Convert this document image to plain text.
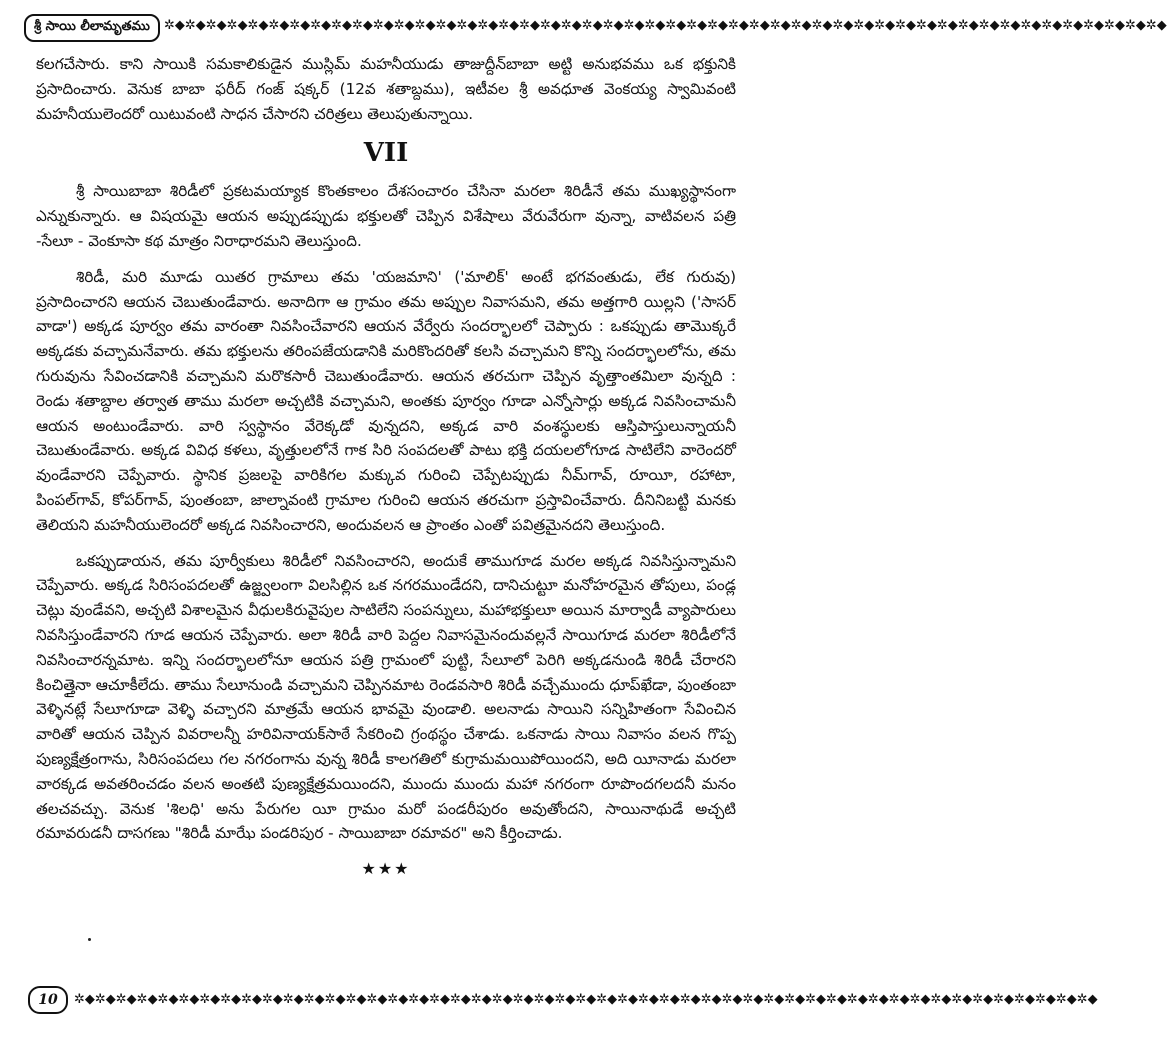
శ్రీ సాయి లీలామృతము	✲◆✲◆✲◆✲◆✲◆✲◆✲◆✲◆✲◆✲◆✲◆✲◆✲◆✲◆✲◆✲◆✲◆✲◆✲◆✲◆✲◆✲◆✲◆✲◆✲◆✲◆✲◆✲◆✲◆✲◆✲◆✲◆✲◆✲◆✲◆✲◆✲◆✲◆✲◆✲◆✲◆✲◆✲◆✲◆✲◆✲◆✲◆✲◆

కలగచేసారు. కాని సాయికి సమకాలికుడైన ముస్లిమ్ మహనీయుడు తాజుద్దీన్‌బాబా అట్టి అనుభవము ఒక భక్తునికి ప్రసాదించారు. వెనుక బాబా ఫరీద్ గంజ్ షక్కర్ (12వ శతాబ్దము), ఇటీవల శ్రీ అవధూత వెంకయ్య స్వామివంటి మహనీయులెందరో యిటువంటి సాధన చేసారని చరిత్రలు తెలుపుతున్నాయి.

VII

శ్రీ సాయిబాబా శిరిడీలో ప్రకటమయ్యాక కొంతకాలం దేశసంచారం చేసినా మరలా శిరిడీనే తమ ముఖ్యస్థానంగా ఎన్నుకున్నారు. ఆ విషయమై ఆయన అప్పుడప్పుడు భక్తులతో చెప్పిన విశేషాలు వేరువేరుగా వున్నా, వాటివలన పత్రి -సేలూ - వెంకూసా కథ మాత్రం నిరాధారమని తెలుస్తుంది.

శిరిడీ, మరి మూడు యితర గ్రామాలు తమ 'యజమాని' ('మాలిక్' అంటే భగవంతుడు, లేక గురువు) ప్రసాదించారని ఆయన చెబుతుండేవారు. అనాదిగా ఆ గ్రామం తమ అప్పుల నివాసమని, తమ అత్తగారి యిల్లని ('సాసర్ వాడా') అక్కడ పూర్వం తమ వారంతా నివసించేవారని ఆయన వేర్వేరు సందర్భాలలో చెప్పారు : ఒకప్పుడు తామొక్కరే అక్కడకు వచ్చామనేవారు. తమ భక్తులను తరింపజేయడానికి మరికొందరితో కలసి వచ్చామని కొన్ని సందర్భాలలోను, తమ గురువును సేవించడానికి వచ్చామని మరొకసారీ చెబుతుండేవారు. ఆయన తరచుగా చెప్పిన వృత్తాంతమిలా వున్నది : రెండు శతాబ్దాల తర్వాత తాము మరలా అచ్చటికి వచ్చామని, అంతకు పూర్వం గూడా ఎన్నోసార్లు అక్కడ నివసించామనీ ఆయన అంటుండేవారు. వారి స్వస్థానం వేరెక్కడో వున్నదని, అక్కడ వారి వంశస్థులకు ఆస్తిపాస్తులున్నాయనీ చెబుతుండేవారు. అక్కడ వివిధ కళలు, వృత్తులలోనే గాక సిరి సంపదలతో పాటు భక్తి దయలలోగూడ సాటిలేని వారెందరో వుండేవారని చెప్పేవారు. స్థానిక ప్రజలపై వారికిగల మక్కువ గురించి చెప్పేటప్పుడు నీమ్‌గావ్, రూయీ, రహాటా, పింపల్‌గావ్, కోపర్‌గావ్, పుంతంబా, జాల్నావంటి గ్రామాల గురించి ఆయన తరచుగా ప్రస్తావించేవారు. దీనినిబట్టి మనకు తెలియని మహనీయులెందరో అక్కడ నివసించారని, అందువలన ఆ ప్రాంతం ఎంతో పవిత్రమైనదని తెలుస్తుంది.

ఒకప్పుడాయన, తమ పూర్వీకులు శిరిడీలో నివసించారని, అందుకే తాముగూడ మరల అక్కడ నివసిస్తున్నామని చెప్పేవారు. అక్కడ సిరిసంపదలతో ఉజ్జ్వలంగా విలసిల్లిన ఒక నగరముండేదని, దానిచుట్టూ మనోహరమైన తోపులు, పండ్ల చెట్లు వుండేవని, అచ్చటి విశాలమైన వీధులకిరువైపుల సాటిలేని సంపన్నులు, మహాభక్తులూ అయిన మార్వాడీ వ్యాపారులు నివసిస్తుండేవారని గూడ ఆయన చెప్పేవారు. అలా శిరిడీ వారి పెద్దల నివాసమైనందువల్లనే సాయిగూడ మరలా శిరిడీలోనే నివసించారన్నమాట. ఇన్ని సందర్భాలలోనూ ఆయన పత్రి గ్రామంలో పుట్టి, సేలూలో పెరిగి అక్కడనుండి శిరిడీ చేరారని కించిత్తైనా ఆచూకీలేదు. తాము సేలూనుండి వచ్చామని చెప్పినమాట రెండవసారి శిరిడీ వచ్చేముందు ధూప్‌ఖేడా, పుంతంబా వెళ్ళినట్లే సేలూగూడా వెళ్ళి వచ్చారని మాత్రమే ఆయన భావమై వుండాలి. అలనాడు సాయిని సన్నిహితంగా సేవించిన వారితో ఆయన చెప్పిన వివరాలన్నీ హరివినాయక్‌సాఠే సేకరించి గ్రంథస్థం చేశాడు. ఒకనాడు సాయి నివాసం వలన గొప్ప పుణ్యక్షేత్రంగాను, సిరిసంపదలు గల నగరంగాను వున్న శిరిడీ కాలగతిలో కుగ్రామమయిపోయిందని, అది యీనాడు మరలా వారక్కడ అవతరించడం వలన అంతటి పుణ్యక్షేత్రమయిందని, ముందు ముందు మహా నగరంగా రూపొందగలదనీ మనం తలచవచ్చు. వెనుక 'శిలధి' అను పేరుగల యీ గ్రామం మరో పండరీపురం అవుతోందని, సాయినాథుడే అచ్చటి రమావరుడనీ దాసగణు "శిరిడీ మాఝే పండరిపుర - సాయిబాబా రమావర" అని కీర్తించాడు.

★★★
10	✲◆✲◆✲◆✲◆✲◆✲◆✲◆✲◆✲◆✲◆✲◆✲◆✲◆✲◆✲◆✲◆✲◆✲◆✲◆✲◆✲◆✲◆✲◆✲◆✲◆✲◆✲◆✲◆✲◆✲◆✲◆✲◆✲◆✲◆✲◆✲◆✲◆✲◆✲◆✲◆✲◆✲◆✲◆✲◆✲◆✲◆✲◆✲◆✲◆
